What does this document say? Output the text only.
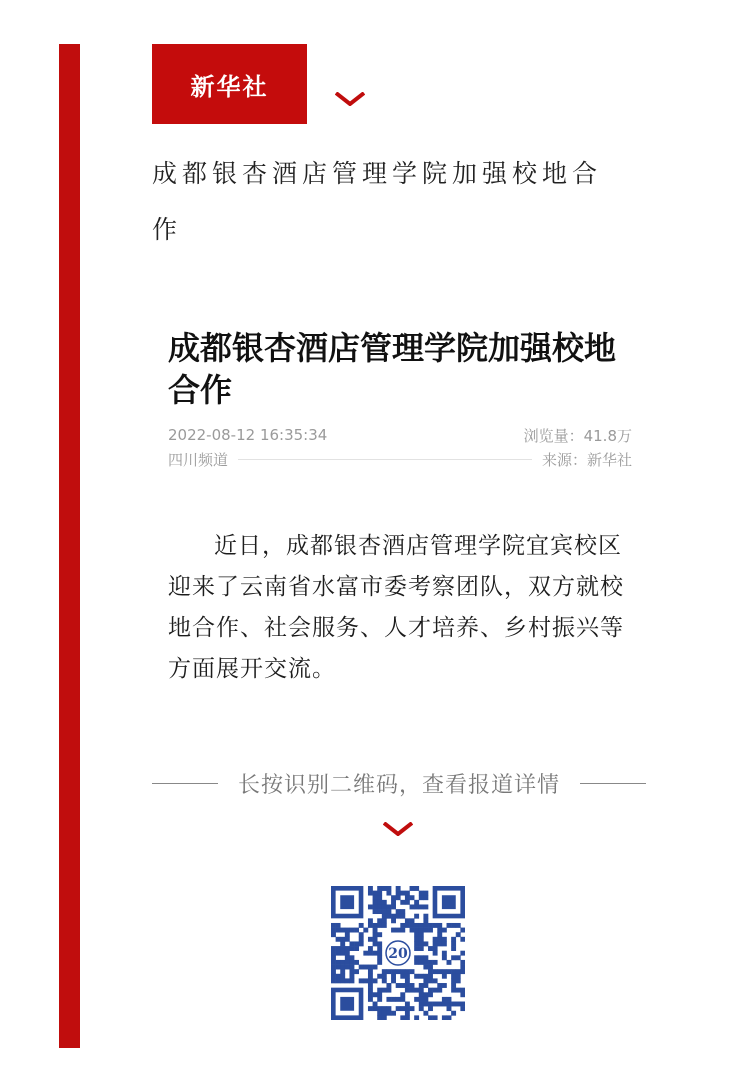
新华社
成都银杏酒店管理学院加强校地合作
成都银杏酒店管理学院加强校地合作
2022-08-12 16:35:34	浏览量：41.8万
四川频道	来源：新华社

近日，成都银杏酒店管理学院宜宾校区迎来了云南省水富市委考察团队，双方就校地合作、社会服务、人才培养、乡村振兴等方面展开交流。

长按识别二维码，查看报道详情
20
